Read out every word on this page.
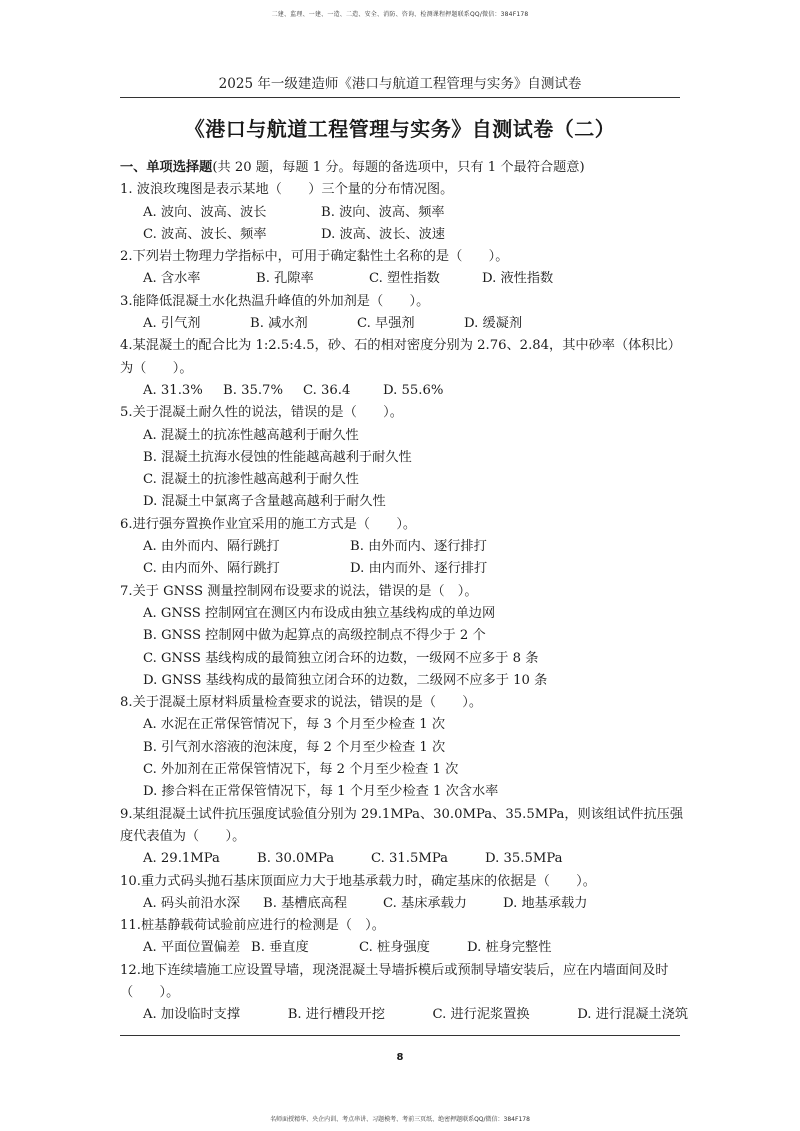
二建、监理、一建、一造、二造、安全、消防、咨询、检测课程押题联系QQ/微信：384F178
2025 年一级建造师《港口与航道工程管理与实务》自测试卷
《港口与航道工程管理与实务》自测试卷（二）
一、单项选择题(共 20 题，每题 1 分。每题的备选项中，只有 1 个最符合题意)
1. 波浪玫瑰图是表示某地（　　）三个量的分布情况图。
A. 波向、波高、波长	B. 波向、波高、频率
C. 波高、波长、频率	D. 波高、波长、波速
2.下列岩土物理力学指标中，可用于确定黏性土名称的是（　　）。
A. 含水率	B. 孔隙率	C. 塑性指数	D. 液性指数
3.能降低混凝土水化热温升峰值的外加剂是（　　）。
A. 引气剂	B. 减水剂	C. 早强剂	D. 缓凝剂
4.某混凝土的配合比为 1:2.5:4.5，砂、石的相对密度分别为 2.76、2.84，其中砂率（体积比）为（　　）。
A. 31.3%	B. 35.7%	C. 36.4	D. 55.6%
5.关于混凝土耐久性的说法，错误的是（　　）。
A. 混凝土的抗冻性越高越利于耐久性
B. 混凝土抗海水侵蚀的性能越高越利于耐久性
C. 混凝土的抗渗性越高越利于耐久性
D. 混凝土中氯离子含量越高越利于耐久性
6.进行强夯置换作业宜采用的施工方式是（　　）。
A. 由外而内、隔行跳打	B. 由外而内、逐行排打
C. 由内而外、隔行跳打	D. 由内而外、逐行排打
7.关于 GNSS 测量控制网布设要求的说法，错误的是（　）。
A. GNSS 控制网宜在测区内布设成由独立基线构成的单边网
B. GNSS 控制网中做为起算点的高级控制点不得少于 2 个
C. GNSS 基线构成的最简独立闭合环的边数，一级网不应多于 8 条
D. GNSS 基线构成的最简独立闭合环的边数，二级网不应多于 10 条
8.关于混凝土原材料质量检查要求的说法，错误的是（　　）。
A. 水泥在正常保管情况下，每 3 个月至少检查 1 次
B. 引气剂水溶液的泡沫度，每 2 个月至少检查 1 次
C. 外加剂在正常保管情况下，每 2 个月至少检查 1 次
D. 掺合料在正常保管情况下，每 1 个月至少检查 1 次含水率
9.某组混凝土试件抗压强度试验值分别为 29.1MPa、30.0MPa、35.5MPa，则该组试件抗压强度代表值为（　　）。
A. 29.1MPa	B. 30.0MPa	C. 31.5MPa	D. 35.5MPa
10.重力式码头抛石基床顶面应力大于地基承载力时，确定基床的依据是（　　）。
A. 码头前沿水深	B. 基槽底高程	C. 基床承载力	D. 地基承载力
11.桩基静载荷试验前应进行的检测是（　）。
A. 平面位置偏差 B. 垂直度	C. 桩身强度	D. 桩身完整性
12.地下连续墙施工应设置导墙，现浇混凝土导墙拆模后或预制导墙安装后，应在内墙面间及时（　　）。
A. 加设临时支撑	B. 进行槽段开挖	C. 进行泥浆置换	D. 进行混凝土浇筑
8
名师面授精华、央企内训、考点串讲、习题模考、考前三页纸、绝密押题联系QQ/微信：384F178
